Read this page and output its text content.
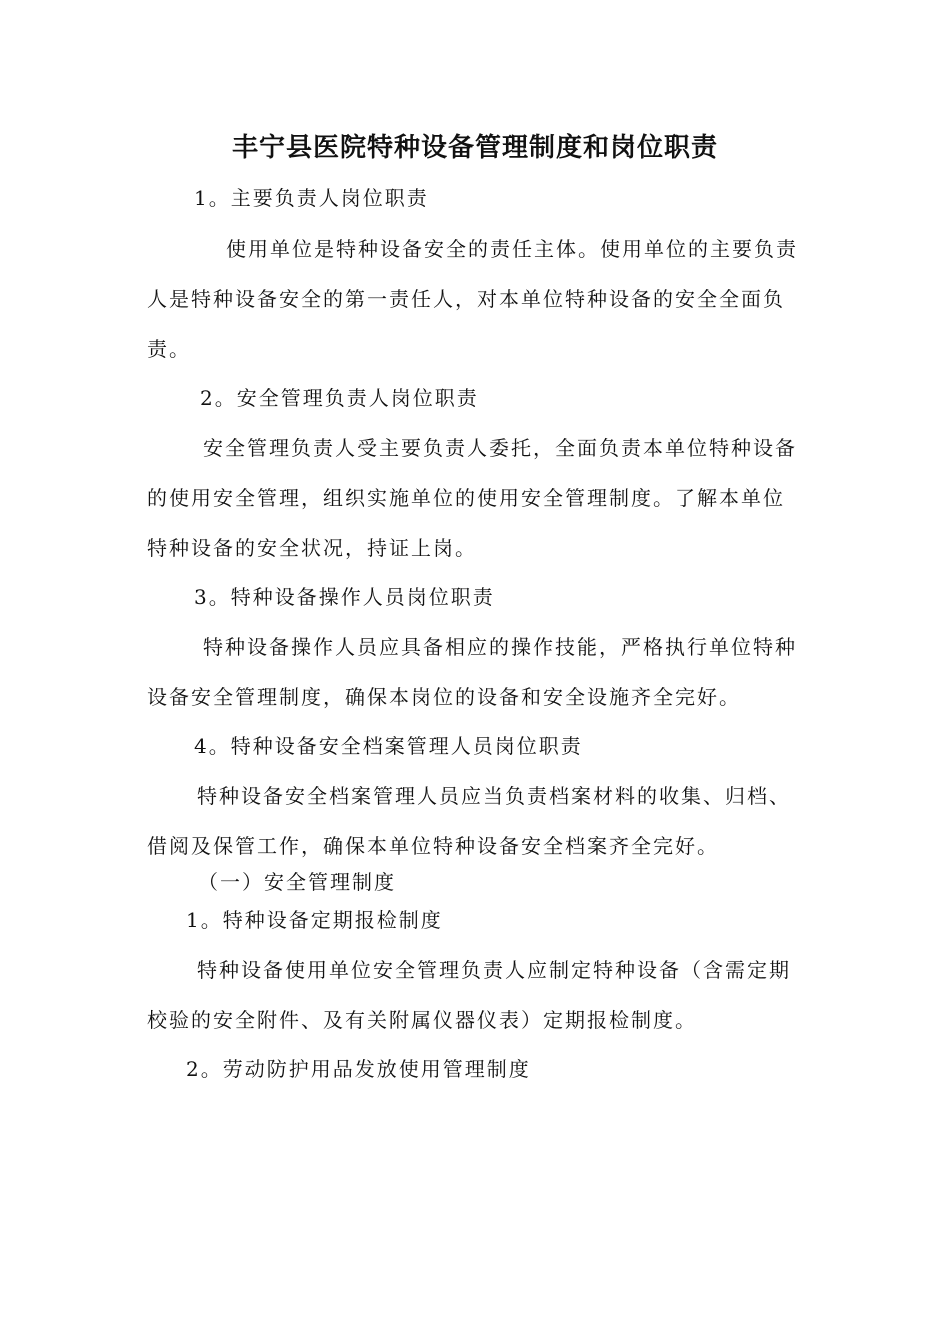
丰宁县医院特种设备管理制度和岗位职责

1。主要负责人岗位职责

使用单位是特种设备安全的责任主体。使用单位的主要负责

人是特种设备安全的第一责任人，对本单位特种设备的安全全面负

责。

2。安全管理负责人岗位职责

安全管理负责人受主要负责人委托，全面负责本单位特种设备

的使用安全管理，组织实施单位的使用安全管理制度。了解本单位

特种设备的安全状况，持证上岗。

3。特种设备操作人员岗位职责

特种设备操作人员应具备相应的操作技能，严格执行单位特种

设备安全管理制度，确保本岗位的设备和安全设施齐全完好。

4。特种设备安全档案管理人员岗位职责

特种设备安全档案管理人员应当负责档案材料的收集、归档、

借阅及保管工作，确保本单位特种设备安全档案齐全完好。

（一）安全管理制度

1。特种设备定期报检制度

特种设备使用单位安全管理负责人应制定特种设备（含需定期

校验的安全附件、及有关附属仪器仪表）定期报检制度。

2。劳动防护用品发放使用管理制度
